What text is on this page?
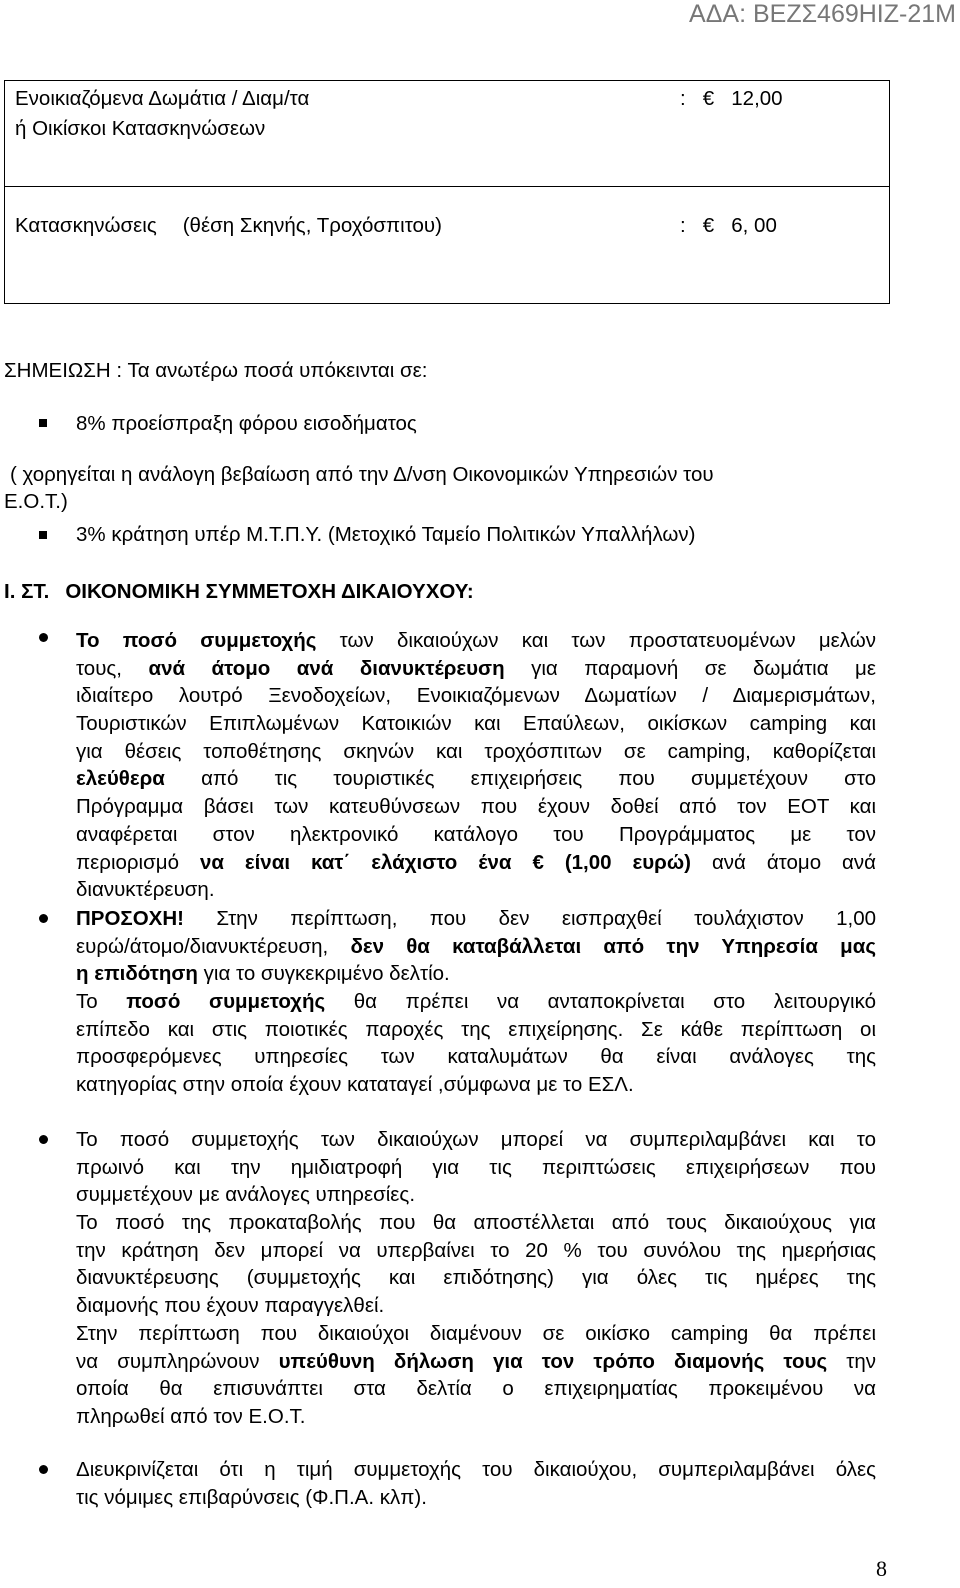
ΑΔΑ: ΒΕΖΣ469ΗΙΖ-21Μ
Ενοικιαζόμενα Δωμάτια / Διαμ/τα
ή Οικίσκοι Κατασκηνώσεων
:   €   12,00
Κατασκηνώσεις (θέση Σκηνής, Τροχόσπιτου)	:   €   6, 00
ΣΗΜΕΙΩΣΗ : Τα ανωτέρω ποσά υπόκεινται σε:
8% προείσπραξη φόρου εισοδήματος
( χορηγείται η ανάλογη βεβαίωση από την Δ/νση Οικονομικών Υπηρεσιών του
Ε.Ο.Τ.)
3% κράτηση υπέρ Μ.Τ.Π.Υ. (Μετοχικό Ταμείο Πολιτικών Υπαλλήλων)
Ι. ΣΤ. ΟΙΚΟΝΟΜΙΚΗ ΣΥΜΜΕΤΟΧΗ ΔΙΚΑΙΟΥΧΟΥ:
Το ποσό συμμετοχής των δικαιούχων και των προστατευομένων μελών
τους, ανά άτομο ανά διανυκτέρευση για παραμονή σε δωμάτια με
ιδιαίτερο λουτρό Ξενοδοχείων, Ενοικιαζόμενων Δωματίων / Διαμερισμάτων,
Τουριστικών Επιπλωμένων Κατοικιών και Επαύλεων, οικίσκων camping και
για θέσεις τοποθέτησης σκηνών και τροχόσπιτων σε camping, καθορίζεται
ελεύθερα από τις τουριστικές επιχειρήσεις που συμμετέχουν στο
Πρόγραμμα βάσει των κατευθύνσεων που έχουν δοθεί από τον ΕΟΤ και
αναφέρεται στον ηλεκτρονικό κατάλογο του Προγράμματος με τον
περιορισμό να είναι κατ΄ ελάχιστο ένα € (1,00 ευρώ) ανά άτομο ανά
διανυκτέρευση.
ΠΡΟΣΟΧΗ! Στην περίπτωση, που δεν εισπραχθεί τουλάχιστον 1,00
ευρώ/άτομο/διανυκτέρευση, δεν θα καταβάλλεται από την Υπηρεσία μας
η επιδότηση για το συγκεκριμένο δελτίο.
Το ποσό συμμετοχής θα πρέπει να ανταποκρίνεται στο λειτουργικό
επίπεδο και στις ποιοτικές παροχές της επιχείρησης. Σε κάθε περίπτωση οι
προσφερόμενες υπηρεσίες των καταλυμάτων θα είναι ανάλογες της
κατηγορίας στην οποία έχουν καταταγεί ,σύμφωνα με το ΕΣΛ.
Το ποσό συμμετοχής των δικαιούχων μπορεί να συμπεριλαμβάνει και το
πρωινό και την ημιδιατροφή για τις περιπτώσεις επιχειρήσεων που
συμμετέχουν με ανάλογες υπηρεσίες.
Το ποσό της προκαταβολής που θα αποστέλλεται από τους δικαιούχους για
την κράτηση δεν μπορεί να υπερβαίνει το 20 % του συνόλου της ημερήσιας
διανυκτέρευσης (συμμετοχής και επιδότησης) για όλες τις ημέρες της
διαμονής που έχουν παραγγελθεί.
Στην περίπτωση που δικαιούχοι διαμένουν σε οικίσκο camping θα πρέπει
να συμπληρώνουν υπεύθυνη δήλωση για τον τρόπο διαμονής τους την
οποία θα επισυνάπτει στα δελτία ο επιχειρηματίας προκειμένου να
πληρωθεί από τον Ε.Ο.Τ.
Διευκρινίζεται ότι η τιμή συμμετοχής του δικαιούχου, συμπεριλαμβάνει όλες
τις νόμιμες επιβαρύνσεις (Φ.Π.Α. κλπ).
8
